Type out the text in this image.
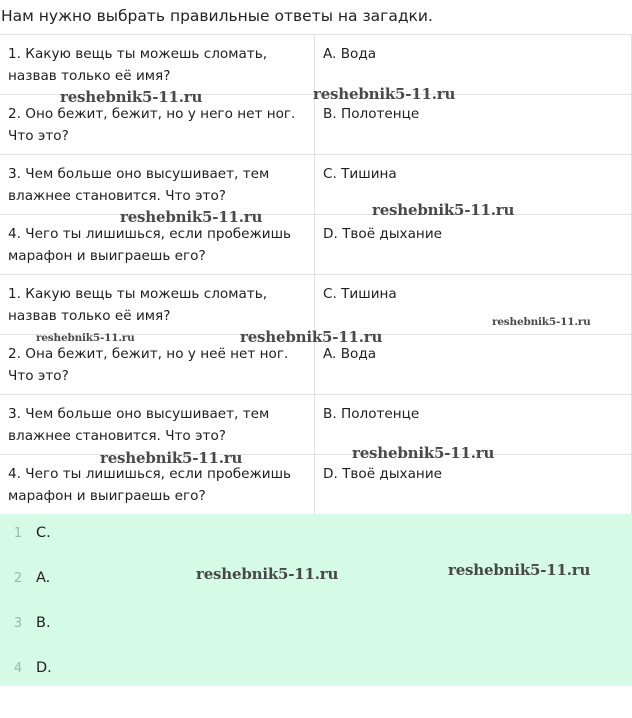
Нам нужно выбрать правильные ответы на загадки.
1. Какую вещь ты можешь сломать, назвав только её имя?
A. Вода
2. Оно бежит, бежит, но у него нет ног. Что это?
B. Полотенце
3. Чем больше оно высушивает, тем влажнее становится. Что это?
C. Тишина
4. Чего ты лишишься, если пробежишь марафон и выиграешь его?
D. Твоё дыхание
1. Какую вещь ты можешь сломать, назвав только её имя?
C. Тишина
2. Она бежит, бежит, но у неё нет ног. Что это?
A. Вода
3. Чем больше оно высушивает, тем влажнее становится. Что это?
B. Полотенце
4. Чего ты лишишься, если пробежишь марафон и выиграешь его?
D. Твоё дыхание
1 C.
2 A.
3 B.
4 D.
reshebnik5-11.ru	reshebnik5-11.ru
reshebnik5-11.ru	reshebnik5-11.ru
reshebnik5-11.ru	reshebnik5-11.ru
reshebnik5-11.ru
reshebnik5-11.ru	reshebnik5-11.ru
reshebnik5-11.ru	reshebnik5-11.ru
